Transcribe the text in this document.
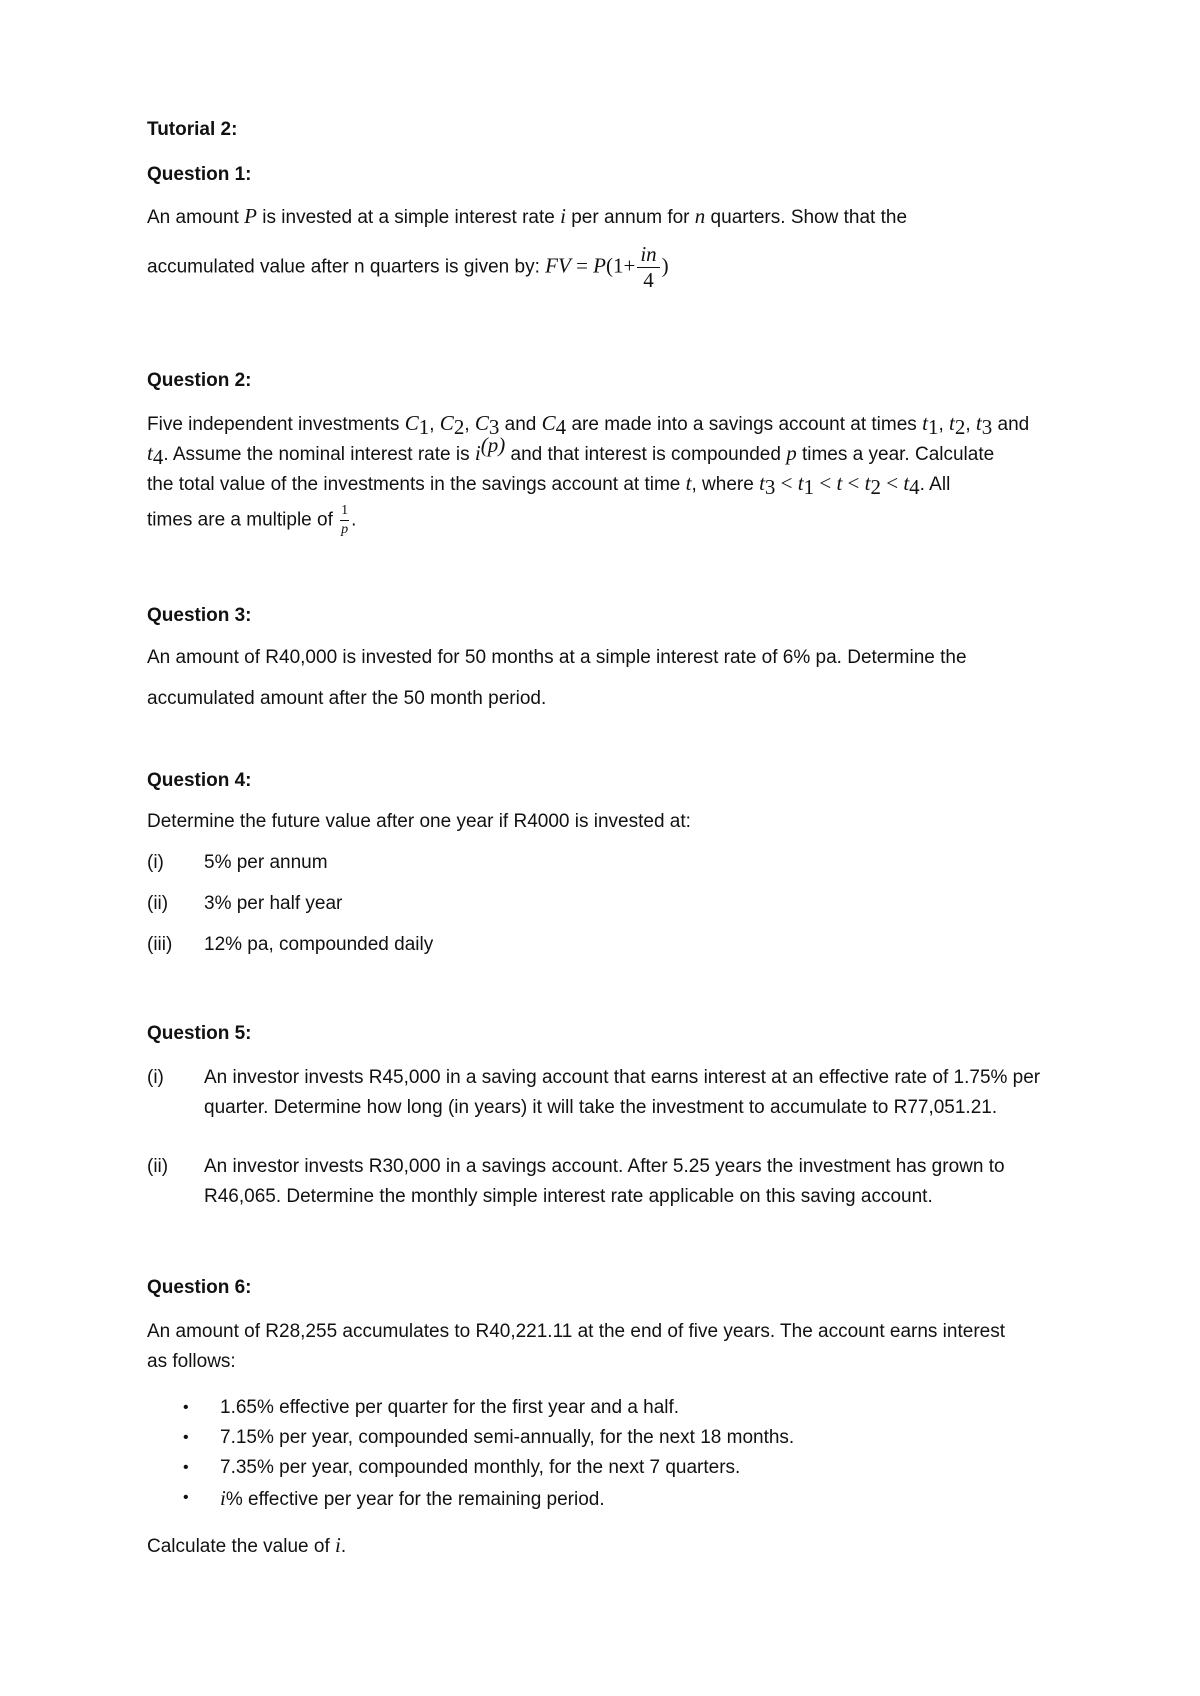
Tutorial 2:
Question 1:
An amount P is invested at a simple interest rate i per annum for n quarters. Show that the
accumulated value after n quarters is given by: FV = $P(1+ \frac{in}{4}$ )
Question 2:
Five independent investments $C_1$, $C_2$, $C_3$ and $C_4$ are made into a savings account at times $t_1$, $t_2$, $t_3$ and
$t_4$. Assume the nominal interest rate is $i^{(p)}$ and that interest is compounded p times a year. Calculate
the total value of the investments in the savings account at time t, where $t_3 < t_1 < t < t_2 < t_4$. All
times are a multiple of $\frac{1}{p}$ .
Question 3:
An amount of R40,000 is invested for 50 months at a simple interest rate of 6% pa. Determine the
accumulated amount after the 50 month period.
Question 4:
Determine the future value after one year if R4000 is invested at:
(i) 5% per annum
(ii) 3% per half year
(iii) 12% pa, compounded daily
Question 5:
(i) An investor invests R45,000 in a saving account that earns interest at an effective rate of 1.75% per quarter. Determine how long (in years) it will take the investment to accumulate to R77,051.21.
(ii) An investor invests R30,000 in a savings account. After 5.25 years the investment has grown to R46,065. Determine the monthly simple interest rate applicable on this saving account.
Question 6:
An amount of R28,255 accumulates to R40,221.11 at the end of five years. The account earns interest as follows:
• 1.65% effective per quarter for the first year and a half.
• 7.15% per year, compounded semi-annually, for the next 18 months.
• 7.35% per year, compounded monthly, for the next 7 quarters.
• i% effective per year for the remaining period.
Calculate the value of i.
